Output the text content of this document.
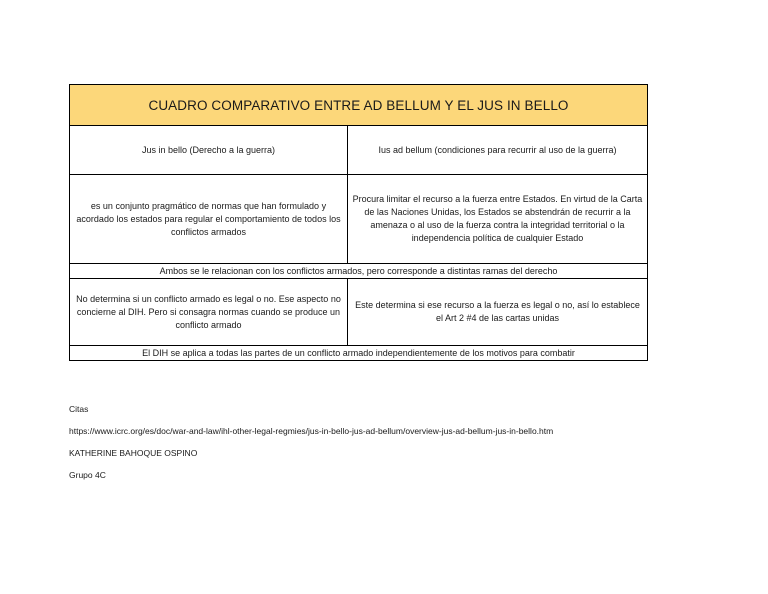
CUADRO COMPARATIVO ENTRE AD BELLUM Y EL JUS IN BELLO	
Jus in bello (Derecho a la guerra)	Ius ad bellum (condiciones para recurrir al uso de la guerra)
es un conjunto pragmático de normas que han formulado y acordado los estados para regular el comportamiento de todos los conflictos armados	Procura limitar el recurso a la fuerza entre Estados. En virtud de la Carta de las Naciones Unidas, los Estados se abstendrán de recurrir a la amenaza o al uso de la fuerza contra la integridad territorial o la independencia política de cualquier Estado
Ambos se le relacionan con los conflictos armados, pero corresponde a distintas ramas del derecho	
No determina si un conflicto armado es legal o no. Ese aspecto no concierne al DIH. Pero si consagra normas cuando se produce un conflicto armado	Este determina si ese recurso a la fuerza es legal o no, así lo establece el Art 2 #4 de las cartas unidas
El DIH se aplica a todas las partes de un conflicto armado independientemente de los motivos para combatir	
Citas
https://www.icrc.org/es/doc/war-and-law/ihl-other-legal-regmies/jus-in-bello-jus-ad-bellum/overview-jus-ad-bellum-jus-in-bello.htm
KATHERINE BAHOQUE OSPINO
Grupo 4C
